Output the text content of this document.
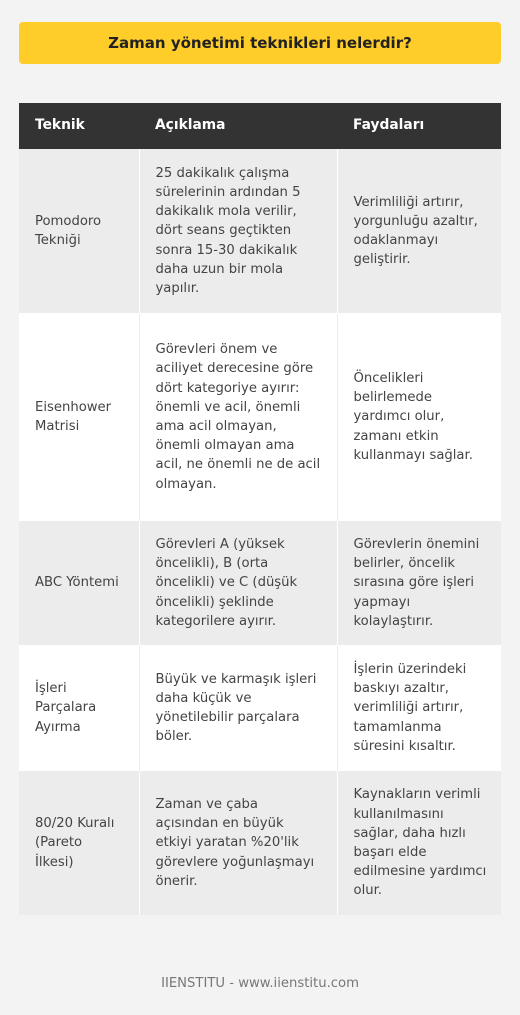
Zaman yönetimi teknikleri nelerdir?
Teknik	Açıklama	Faydaları
Pomodoro Tekniği	25 dakikalık çalışma sürelerinin ardından 5 dakikalık mola verilir, dört seans geçtikten sonra 15-30 dakikalık daha uzun bir mola yapılır.	Verimliliği artırır, yorgunluğu azaltır, odaklanmayı geliştirir.
Eisenhower Matrisi	Görevleri önem ve aciliyet derecesine göre dört kategoriye ayırır: önemli ve acil, önemli ama acil olmayan, önemli olmayan ama acil, ne önemli ne de acil olmayan.	Öncelikleri belirlemede yardımcı olur, zamanı etkin kullanmayı sağlar.
ABC Yöntemi	Görevleri A (yüksek öncelikli), B (orta öncelikli) ve C (düşük öncelikli) şeklinde kategorilere ayırır.	Görevlerin önemini belirler, öncelik sırasına göre işleri yapmayı kolaylaştırır.
İşleri Parçalara Ayırma	Büyük ve karmaşık işleri daha küçük ve yönetilebilir parçalara böler.	İşlerin üzerindeki baskıyı azaltır, verimliliği artırır, tamamlanma süresini kısaltır.
80/20 Kuralı (Pareto İlkesi)	Zaman ve çaba açısından en büyük etkiyi yaratan %20'lik görevlere yoğunlaşmayı önerir.	Kaynakların verimli kullanılmasını sağlar, daha hızlı başarı elde edilmesine yardımcı olur.
IIENSTITU - www.iienstitu.com
